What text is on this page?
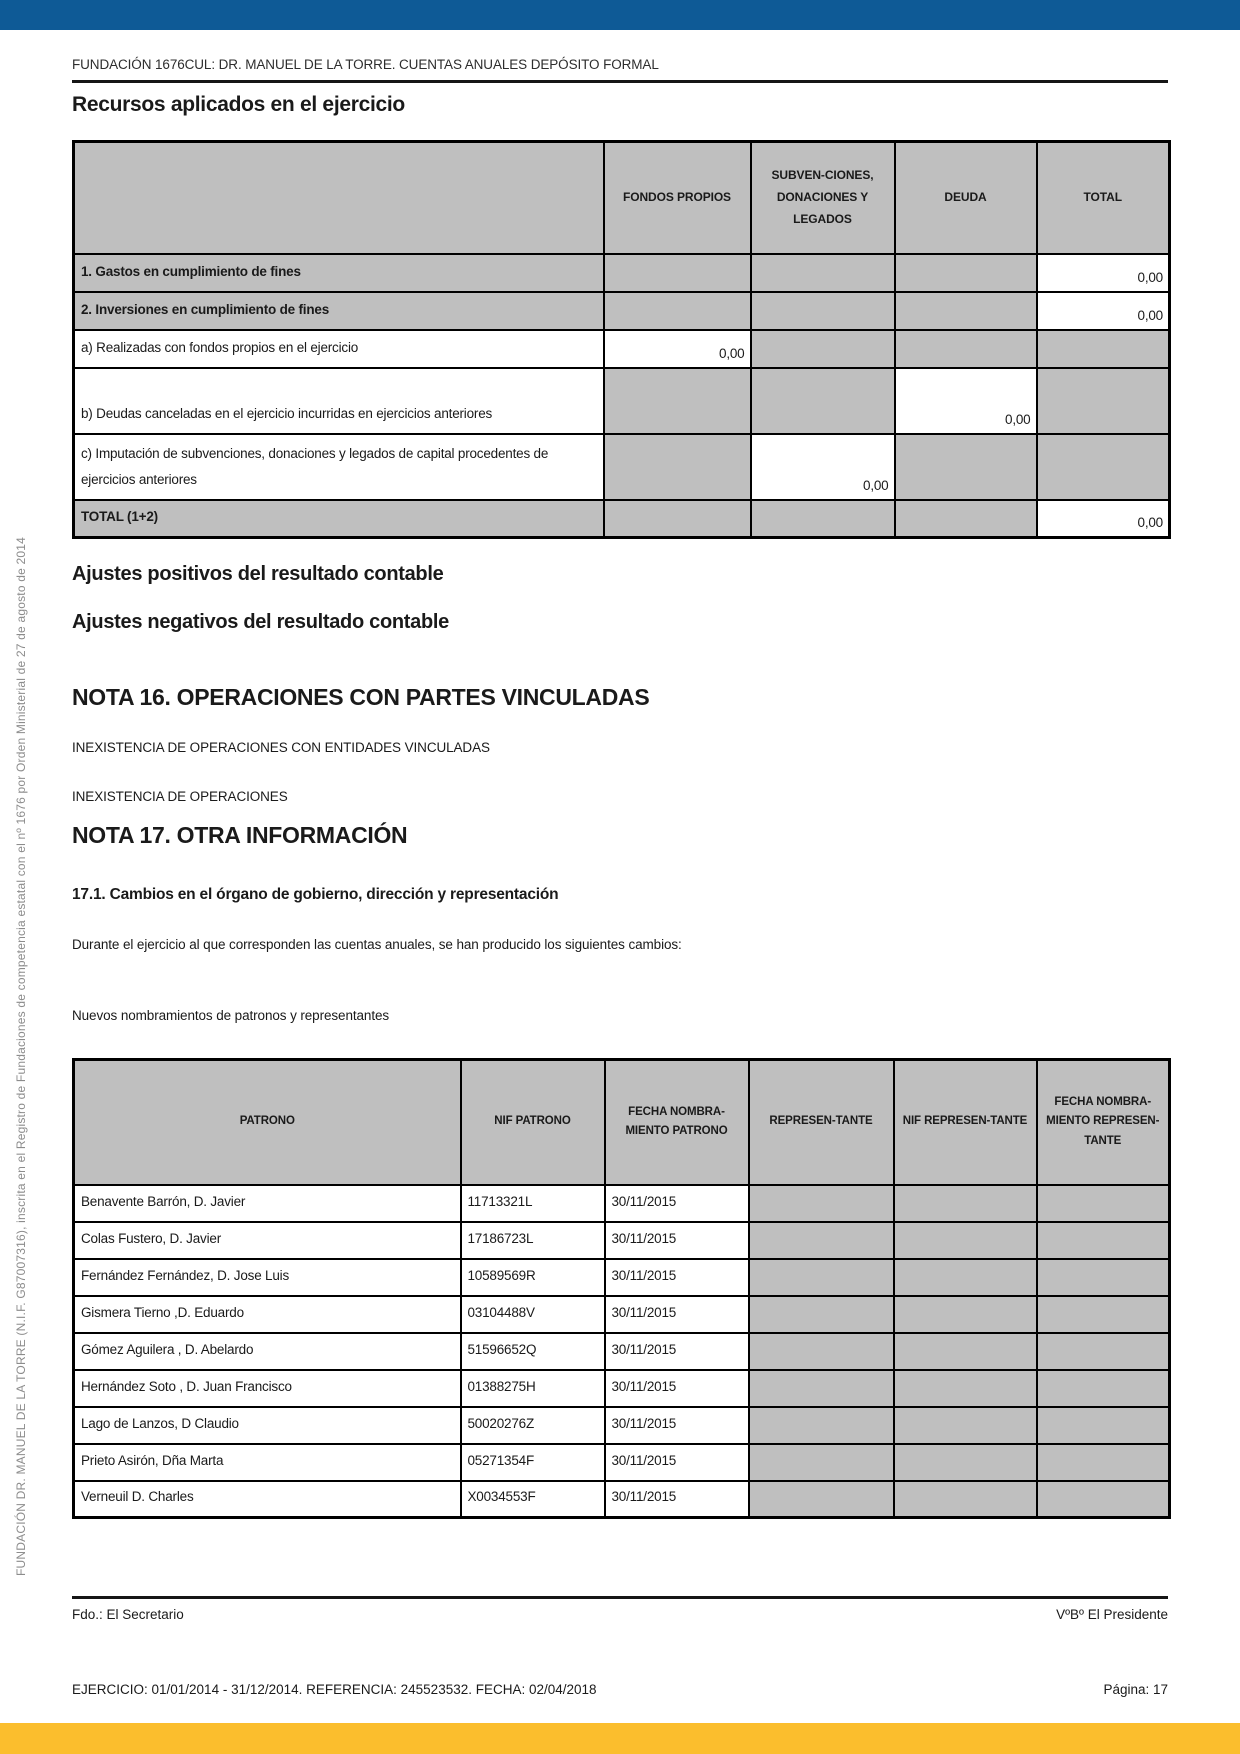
FUNDACIÓN DR. MANUEL DE LA TORRE (N.I.F. G87007316), inscrita en el Registro de Fundaciones de competencia estatal con el nº 1676 por Orden Ministerial de 27 de agosto de 2014
FUNDACIÓN 1676CUL: DR. MANUEL DE LA TORRE. CUENTAS ANUALES DEPÓSITO FORMAL
Recursos aplicados en el ejercicio
	FONDOS PROPIOS	SUBVEN-CIONES, DONACIONES Y LEGADOS	DEUDA	TOTAL
1. Gastos en cumplimiento de fines				0,00
2. Inversiones en cumplimiento de fines				0,00
a) Realizadas con fondos propios en el ejercicio	0,00			
b) Deudas canceladas en el ejercicio incurridas en ejercicios anteriores			0,00	
c) Imputación de subvenciones, donaciones y legados de capital procedentes de ejercicios anteriores		0,00		
TOTAL (1+2)				0,00
Ajustes positivos del resultado contable
Ajustes negativos del resultado contable
NOTA 16. OPERACIONES CON PARTES VINCULADAS
INEXISTENCIA DE OPERACIONES CON ENTIDADES VINCULADAS
INEXISTENCIA DE OPERACIONES
NOTA 17. OTRA INFORMACIÓN
17.1. Cambios en el órgano de gobierno, dirección y representación
Durante el ejercicio al que corresponden las cuentas anuales, se han producido los siguientes cambios:
Nuevos nombramientos de patronos y representantes
PATRONO	NIF PATRONO	FECHA NOMBRA-MIENTO PATRONO	REPRESEN-TANTE	NIF REPRESEN-TANTE	FECHA NOMBRA-MIENTO REPRESEN-TANTE
Benavente Barrón, D. Javier	11713321L	30/11/2015			
Colas Fustero, D. Javier	17186723L	30/11/2015			
Fernández Fernández, D. Jose Luis	10589569R	30/11/2015			
Gismera Tierno ,D. Eduardo	03104488V	30/11/2015			
Gómez Aguilera , D. Abelardo	51596652Q	30/11/2015			
Hernández Soto , D. Juan Francisco	01388275H	30/11/2015			
Lago de Lanzos, D Claudio	50020276Z	30/11/2015			
Prieto Asirón, Dña Marta	05271354F	30/11/2015			
Verneuil D. Charles	X0034553F	30/11/2015			
Fdo.: El Secretario	VºBº El Presidente
EJERCICIO: 01/01/2014 - 31/12/2014. REFERENCIA: 245523532. FECHA: 02/04/2018	Página: 17
